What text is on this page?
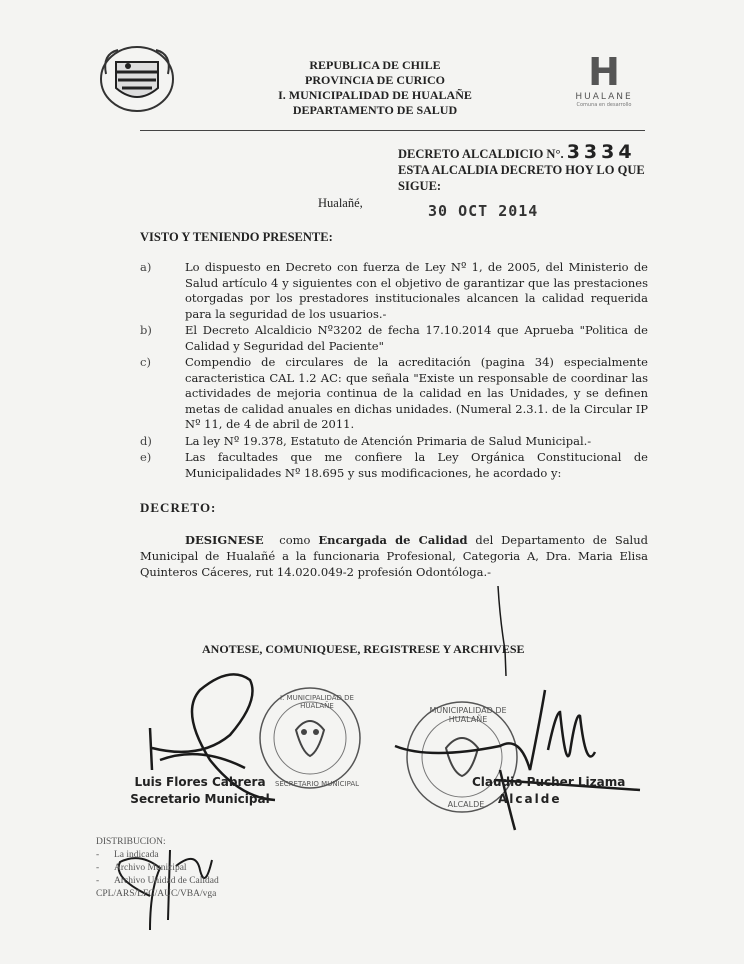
REPUBLICA DE CHILE
PROVINCIA DE CURICO
I. MUNICIPALIDAD DE HUALAÑE
DEPARTAMENTO DE SALUD
H
HUALANE
Comuna en desarrollo
DECRETO ALCALDICIO N°. 3334
ESTA ALCALDIA DECRETO HOY LO QUE
SIGUE:
Hualañé,	30 OCT 2014
VISTO Y TENIENDO PRESENTE:
a)	Lo dispuesto en Decreto con fuerza de Ley Nº 1, de 2005, del Ministerio de Salud artículo 4 y siguientes con el objetivo de garantizar que las prestaciones otorgadas por los prestadores institucionales alcancen la calidad requerida para la seguridad de los usuarios.-
b)	El Decreto Alcaldicio Nº3202 de fecha 17.10.2014 que Aprueba "Politica de Calidad y Seguridad del Paciente"
c)	Compendio de circulares de la acreditación (pagina 34) especialmente caracteristica CAL 1.2 AC: que señala "Existe un responsable de coordinar las actividades de mejoria continua de la calidad en las Unidades, y se definen metas de calidad anuales en dichas unidades. (Numeral 2.3.1. de la Circular IP Nº 11, de 4 de abril de 2011.
d)	La ley Nº 19.378, Estatuto de Atención Primaria de Salud Municipal.-
e)	Las facultades que me confiere la Ley Orgánica Constitucional de Municipalidades Nº 18.695 y sus modificaciones, he acordado y:
DECRETO:
DESIGNESE como Encargada de Calidad del Departamento de Salud Municipal de Hualañé a la funcionaria Profesional, Categoria A, Dra. Maria Elisa Quinteros Cáceres, rut 14.020.049-2 profesión Odontóloga.-
ANOTESE, COMUNIQUESE, REGISTRESE Y ARCHIVESE
Luis Flores Cabrera
Secretario Municipal
Claudio Pucher Lizama
Alcalde
I. MUNICIPALIDAD DE HUALAÑE
SECRETARIO MUNICIPAL
MUNICIPALIDAD DE HUALAÑE
ALCALDE
DISTRIBUCION:
- La indicada
- Archivo Municipal
- Archivo Unidad de Calidad
CPL/ARS/LFC/AUC/VBA/vga
